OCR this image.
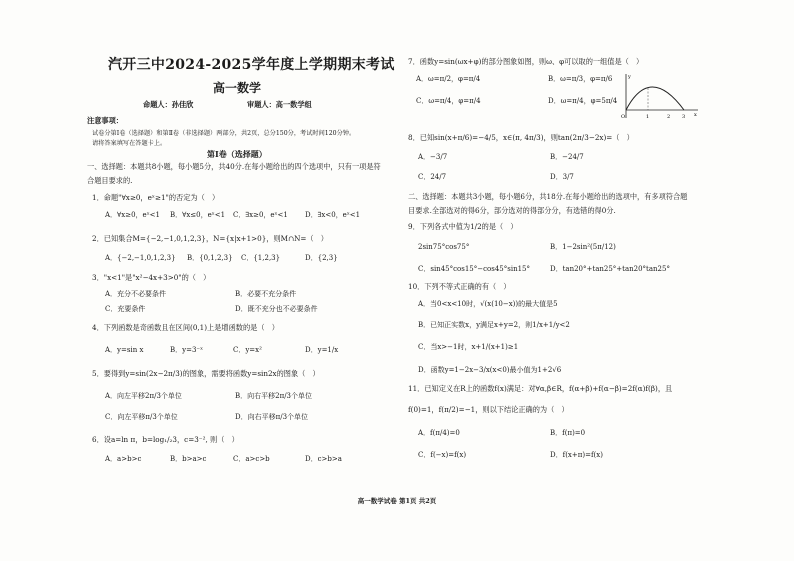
汽开三中2024-2025学年度上学期期末考试
高一数学
命题人：孙佳欣	审题人：高一数学组
注意事项：
试卷分第Ⅰ卷（选择题）和第Ⅱ卷（非选择题）两部分，共2页，总分150分，考试时间120分钟。
请将答案填写在答题卡上。
第Ⅰ卷（选择题）
一、选择题：本题共8小题，每小题5分，共40分.在每小题给出的四个选项中，只有一项是符
合题目要求的.
1．命题"∀x≥0，eˣ≥1"的否定为（　）
A．∀x≥0，eˣ<1 B．∀x≤0，eˣ<1 C．∃x≥0，eˣ<1 D．∃x<0，eˣ<1
2．已知集合M={−2,−1,0,1,2,3}，N={x|x+1>0}，则M∩N=（　）
A．{−2,−1,0,1,2,3} B．{0,1,2,3} C．{1,2,3}	D．{2,3}
3．"x<1"是"x²−4x+3>0"的（　）
A．充分不必要条件	B．必要不充分条件
C．充要条件	D．既不充分也不必要条件
4．下列函数是奇函数且在区间(0,1)上是增函数的是（　）
A．y=sin x	B．y=3⁻ˣ	C．y=x²	D．y=1/x
5．要得到y=sin(2x−2π/3)的图象，需要将函数y=sin2x的图象（　）
A．向左平移2π/3个单位	B．向右平移2π/3个单位
C．向左平移π/3个单位	D．向右平移π/3个单位
6．设a=ln π，b=log₁/₂3，c=3⁻², 则（　）
A．a>b>c	B．b>a>c	C．a>c>b	D．c>b>a
7．函数y=sin(ωx+φ)的部分图象如图，则ω、φ可以取的一组值是（　）
A．ω=π/2，φ=π/4	B．ω=π/3，φ=π/6
C．ω=π/4，φ=π/4	D．ω=π/4，φ=5π/4
O	1	2 3 x
y
8．已知sin(x+π/6)=−4/5，x∈(π, 4π/3)，则tan(2π/3−2x)=（　）
A．−3/7	B．−24/7
C．24/7	D．3/7
二、选择题：本题共3小题，每小题6分，共18分.在每小题给出的选项中，有多项符合题
目要求.全部选对的得6分，部分选对的得部分分，有选错的得0分.
9．下列各式中值为1/2的是（　）
2sin75°cos75°	B．1−2sin²(5π/12)
C．sin45°cos15°−cos45°sin15°	D．tan20°+tan25°+tan20°tan25°
10．下列不等式正确的有（　）
A．当0<x<10时，√(x(10−x))的最大值是5
B．已知正实数x，y满足x+y=2，则1/x+1/y<2
C．当x>−1时，x+1/(x+1)≥1
D．函数y=1−2x−3/x(x<0)最小值为1+2√6
11．已知定义在R上的函数f(x)满足：对∀α,β∈R，f(α+β)+f(α−β)=2f(α)f(β)，且
f(0)=1，f(π/2)=−1，则以下结论正确的为（　）
A．f(π/4)=0	B．f(π)=0
C．f(−x)=f(x)	D．f(x+π)=f(x)
高一数学试卷 第1页 共2页
